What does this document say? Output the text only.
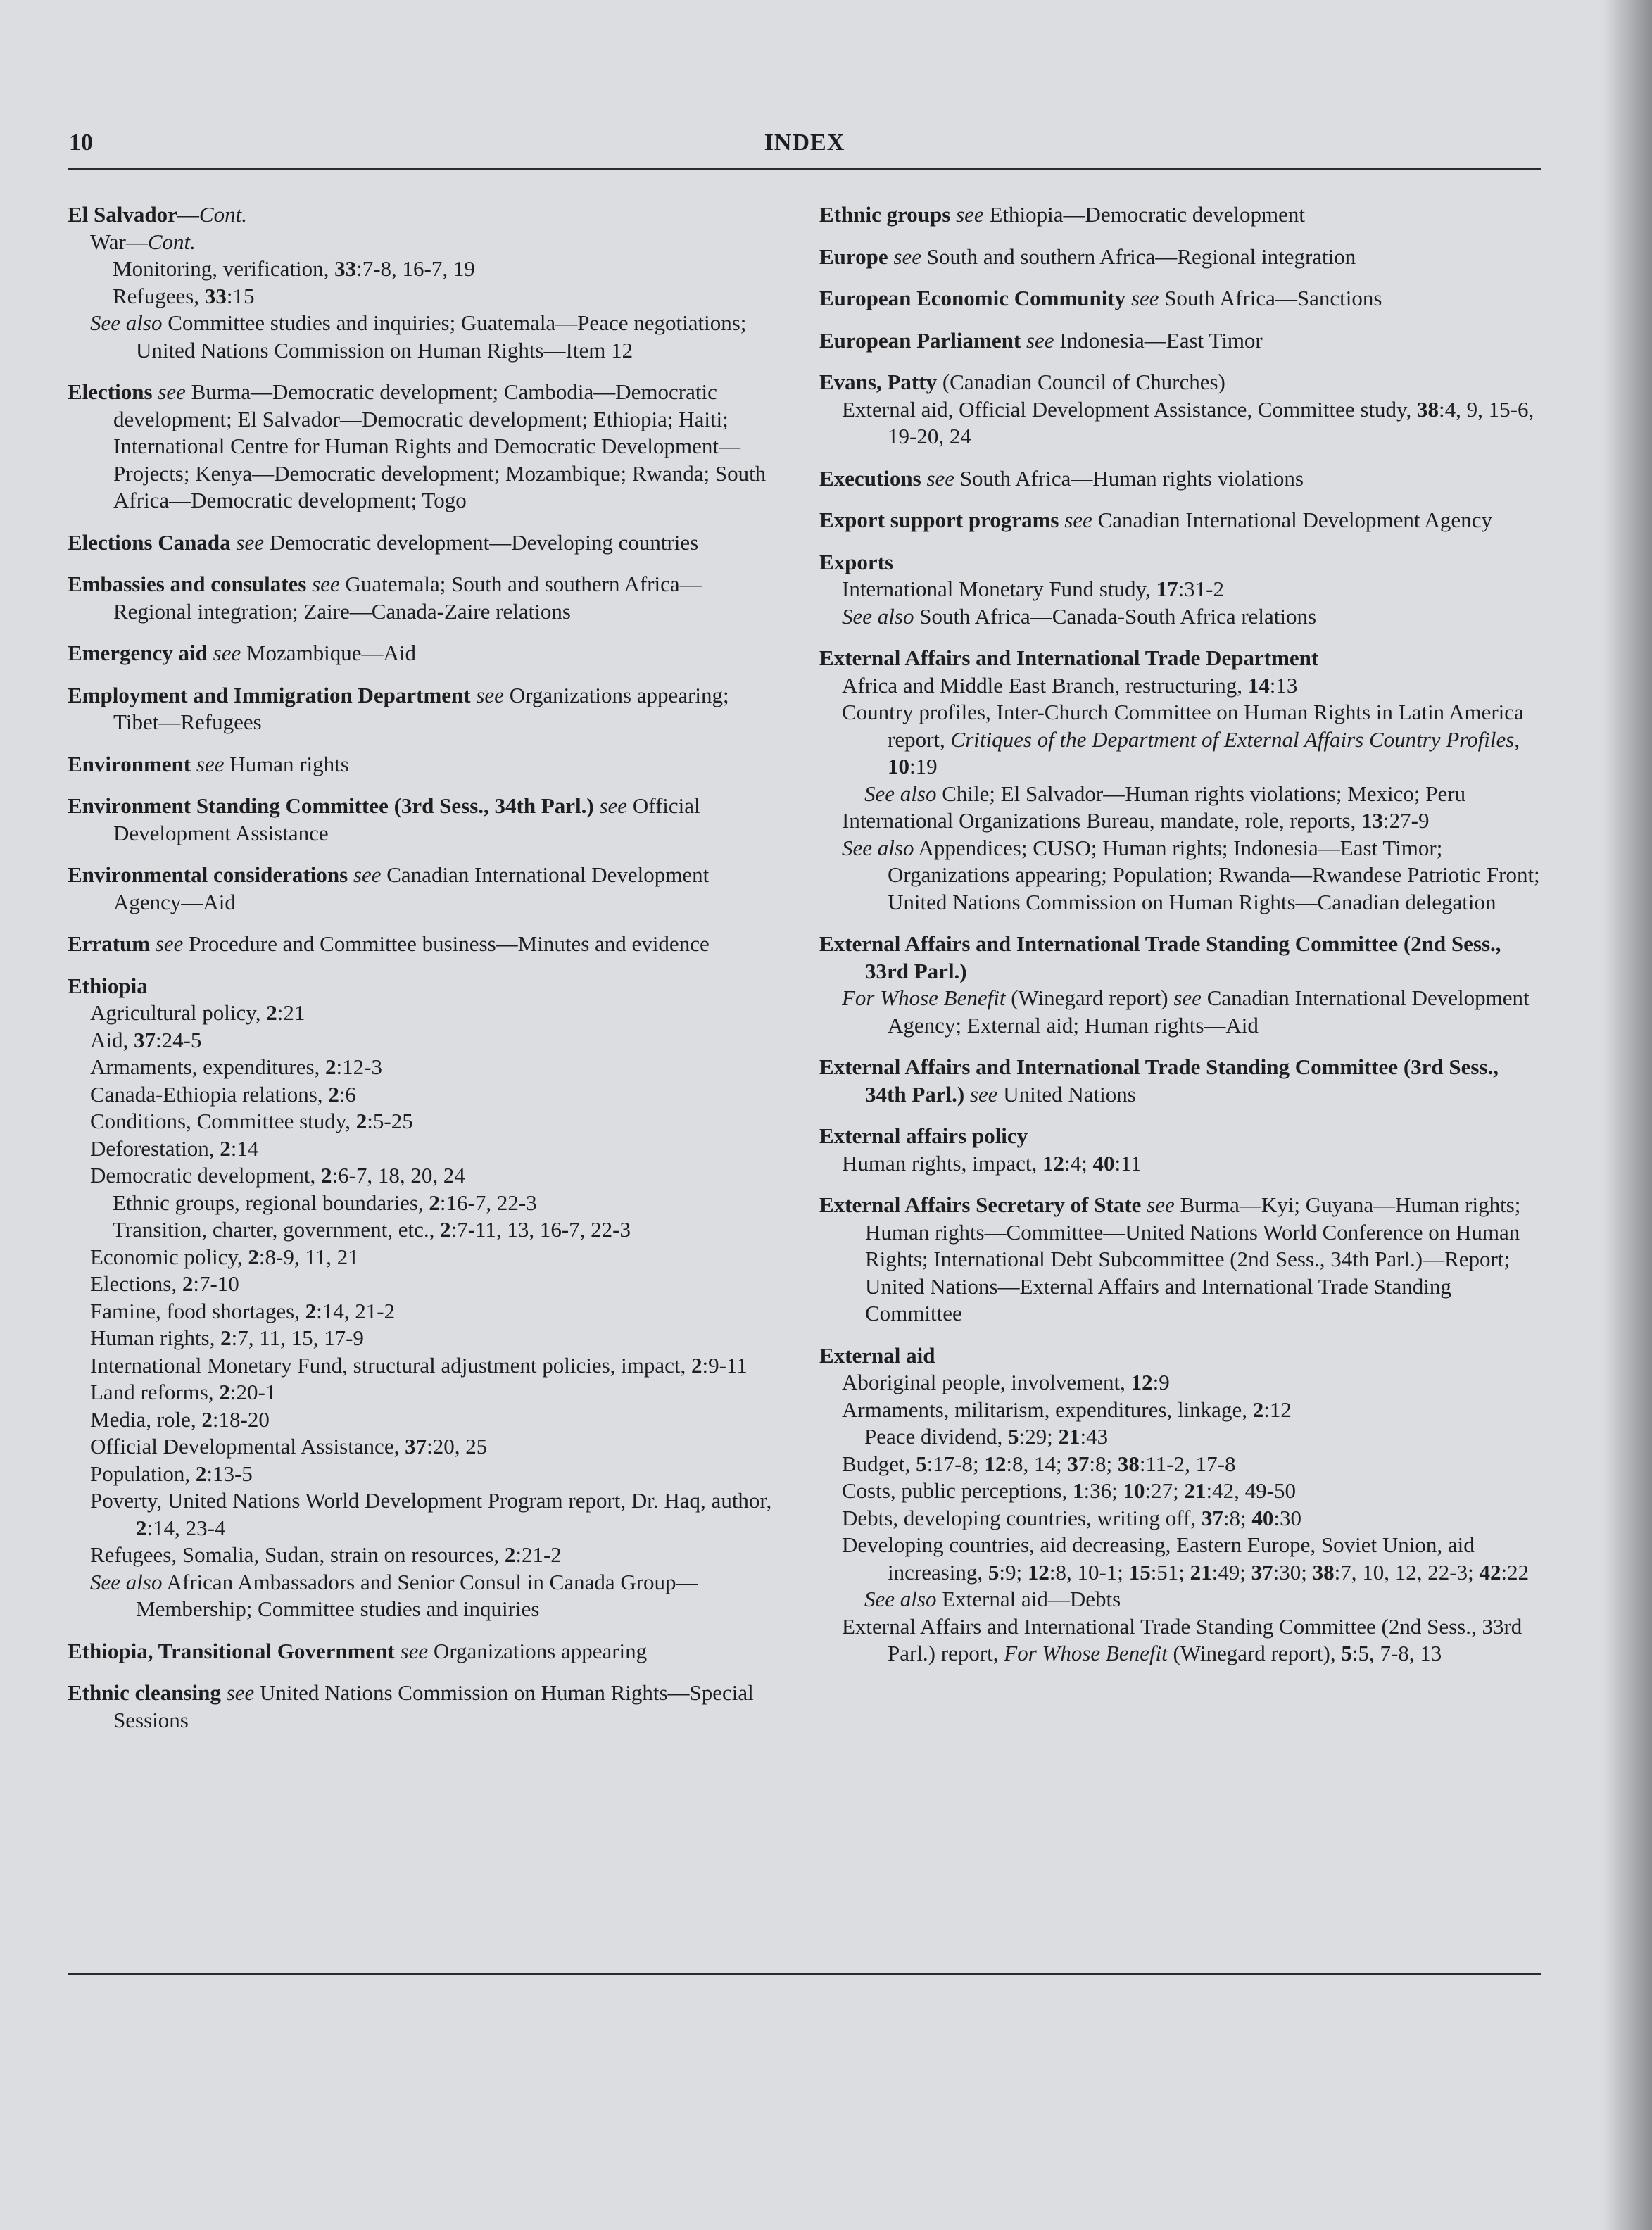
10	INDEX
El Salvador—Cont.
War—Cont.
Monitoring, verification, 33:7-8, 16-7, 19
Refugees, 33:15
See also Committee studies and inquiries; Guatemala—Peace negotiations; United Nations Commission on Human Rights—Item 12
Elections see Burma—Democratic development; Cambodia—Democratic development; El Salvador—Democratic development; Ethiopia; Haiti; International Centre for Human Rights and Democratic Development—Projects; Kenya—Democratic development; Mozambique; Rwanda; South Africa—Democratic development; Togo
Elections Canada see Democratic development—Developing countries
Embassies and consulates see Guatemala; South and southern Africa—Regional integration; Zaire—Canada-Zaire relations
Emergency aid see Mozambique—Aid
Employment and Immigration Department see Organizations appearing; Tibet—Refugees
Environment see Human rights
Environment Standing Committee (3rd Sess., 34th Parl.) see Official Development Assistance
Environmental considerations see Canadian International Development Agency—Aid
Erratum see Procedure and Committee business—Minutes and evidence
Ethiopia
Agricultural policy, 2:21
Aid, 37:24-5
Armaments, expenditures, 2:12-3
Canada-Ethiopia relations, 2:6
Conditions, Committee study, 2:5-25
Deforestation, 2:14
Democratic development, 2:6-7, 18, 20, 24
Ethnic groups, regional boundaries, 2:16-7, 22-3
Transition, charter, government, etc., 2:7-11, 13, 16-7, 22-3
Economic policy, 2:8-9, 11, 21
Elections, 2:7-10
Famine, food shortages, 2:14, 21-2
Human rights, 2:7, 11, 15, 17-9
International Monetary Fund, structural adjustment policies, impact, 2:9-11
Land reforms, 2:20-1
Media, role, 2:18-20
Official Developmental Assistance, 37:20, 25
Population, 2:13-5
Poverty, United Nations World Development Program report, Dr. Haq, author, 2:14, 23-4
Refugees, Somalia, Sudan, strain on resources, 2:21-2
See also African Ambassadors and Senior Consul in Canada Group—Membership; Committee studies and inquiries
Ethiopia, Transitional Government see Organizations appearing
Ethnic cleansing see United Nations Commission on Human Rights—Special Sessions
Ethnic groups see Ethiopia—Democratic development
Europe see South and southern Africa—Regional integration
European Economic Community see South Africa—Sanctions
European Parliament see Indonesia—East Timor
Evans, Patty (Canadian Council of Churches)
External aid, Official Development Assistance, Committee study, 38:4, 9, 15-6, 19-20, 24
Executions see South Africa—Human rights violations
Export support programs see Canadian International Development Agency
Exports
International Monetary Fund study, 17:31-2
See also South Africa—Canada-South Africa relations
External Affairs and International Trade Department
Africa and Middle East Branch, restructuring, 14:13
Country profiles, Inter-Church Committee on Human Rights in Latin America report, Critiques of the Department of External Affairs Country Profiles, 10:19
See also Chile; El Salvador—Human rights violations; Mexico; Peru
International Organizations Bureau, mandate, role, reports, 13:27-9
See also Appendices; CUSO; Human rights; Indonesia—East Timor; Organizations appearing; Population; Rwanda—Rwandese Patriotic Front; United Nations Commission on Human Rights—Canadian delegation
External Affairs and International Trade Standing Committee (2nd Sess., 33rd Parl.)
For Whose Benefit (Winegard report) see Canadian International Development Agency; External aid; Human rights—Aid
External Affairs and International Trade Standing Committee (3rd Sess., 34th Parl.) see United Nations
External affairs policy
Human rights, impact, 12:4; 40:11
External Affairs Secretary of State see Burma—Kyi; Guyana—Human rights; Human rights—Committee—United Nations World Conference on Human Rights; International Debt Subcommittee (2nd Sess., 34th Parl.)—Report; United Nations—External Affairs and International Trade Standing Committee
External aid
Aboriginal people, involvement, 12:9
Armaments, militarism, expenditures, linkage, 2:12
Peace dividend, 5:29; 21:43
Budget, 5:17-8; 12:8, 14; 37:8; 38:11-2, 17-8
Costs, public perceptions, 1:36; 10:27; 21:42, 49-50
Debts, developing countries, writing off, 37:8; 40:30
Developing countries, aid decreasing, Eastern Europe, Soviet Union, aid increasing, 5:9; 12:8, 10-1; 15:51; 21:49; 37:30; 38:7, 10, 12, 22-3; 42:22
See also External aid—Debts
External Affairs and International Trade Standing Committee (2nd Sess., 33rd Parl.) report, For Whose Benefit (Winegard report), 5:5, 7-8, 13
